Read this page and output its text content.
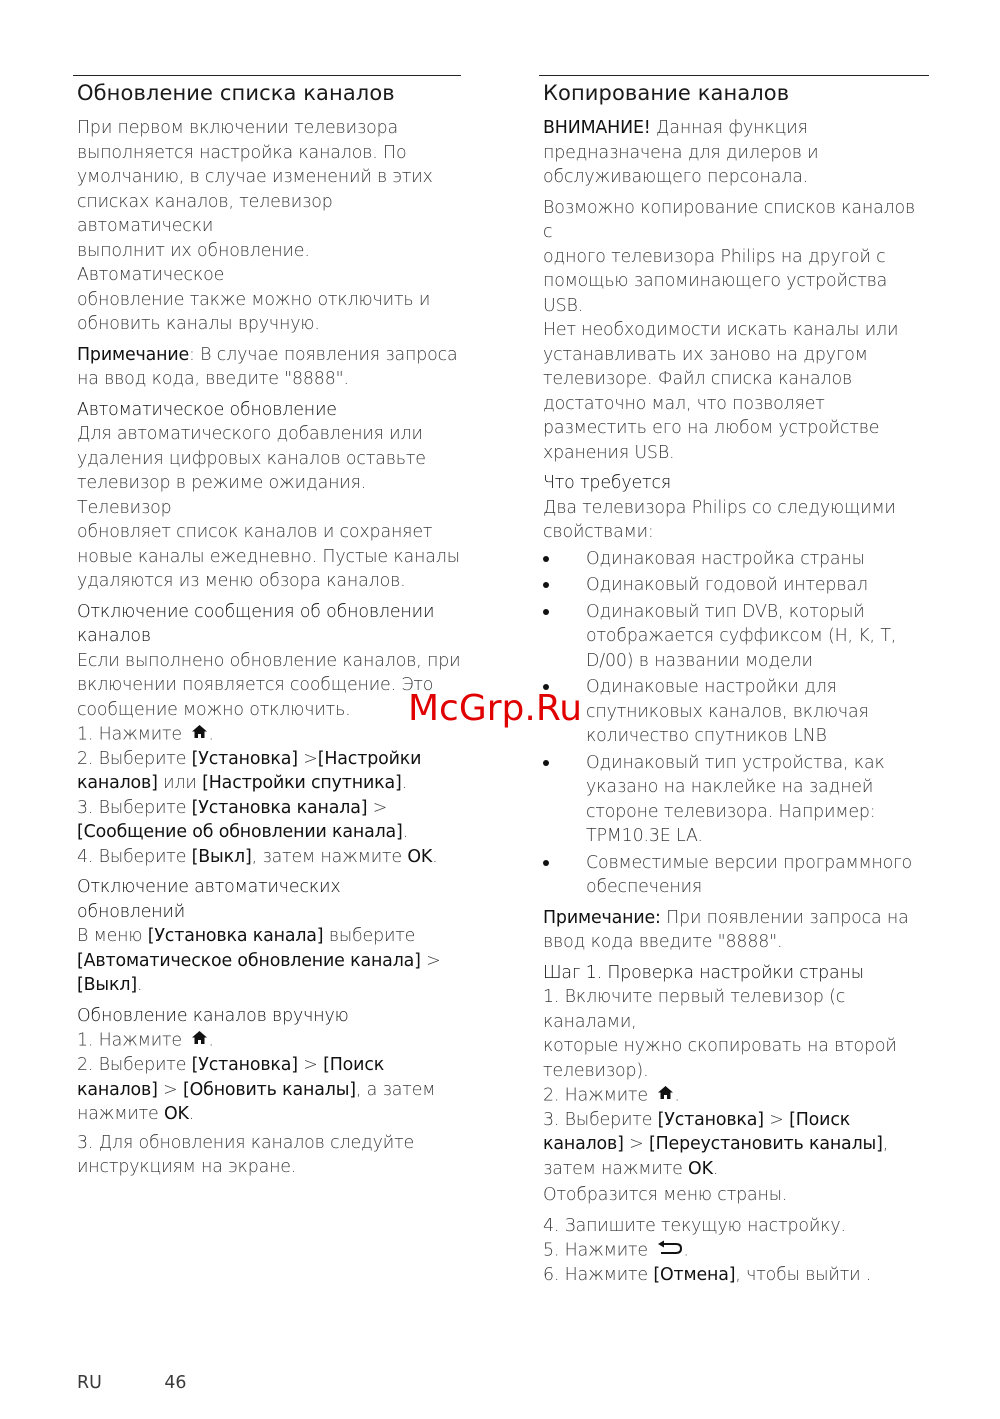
Обновление списка каналов

При первом включении телевизора
выполняется настройка каналов. По
умолчанию, в случае изменений в этих
списках каналов, телевизор автоматически
выполнит их обновление. Автоматическое
обновление также можно отключить и
обновить каналы вручную.

Примечание: В случае появления запроса
на ввод кода, введите "8888".

Автоматическое обновление

Для автоматического добавления или
удаления цифровых каналов оставьте
телевизор в режиме ожидания. Телевизор
обновляет список каналов и сохраняет
новые каналы ежедневно. Пустые каналы
удаляются из меню обзора каналов.

Отключение сообщения об обновлении
каналов

Если выполнено обновление каналов, при
включении появляется сообщение. Это
сообщение можно отключить.
1. Нажмите .
2. Выберите [Установка] >[Настройки
каналов] или [Настройки спутника].
3. Выберите [Установка канала] >
[Сообщение об обновлении канала].
4. Выберите [Выкл], затем нажмите OK.

Отключение автоматических
обновлений

В меню [Установка канала] выберите
[Автоматическое обновление канала] >
[Выкл].

Обновление каналов вручную

1. Нажмите .
2. Выберите [Установка] > [Поиск
каналов] > [Обновить каналы], а затем
нажмите OK.

3. Для обновления каналов следуйте
инструкциям на экране.

Копирование каналов

ВНИМАНИЕ! Данная функция
предназначена для дилеров и
обслуживающего персонала.

Возможно копирование списков каналов с
одного телевизора Philips на другой с
помощью запоминающего устройства USB.
Нет необходимости искать каналы или
устанавливать их заново на другом
телевизоре. Файл списка каналов
достаточно мал, что позволяет
разместить его на любом устройстве
хранения USB.

Что требуется

Два телевизора Philips со следующими
свойствами:

Одинаковая настройка страны
Одинаковый годовой интервал
Одинаковый тип DVB, который
отображается суффиксом (H, K, T,
D/00) в названии модели
Одинаковые настройки для
спутниковых каналов, включая
количество спутников LNB
Одинаковый тип устройства, как
указано на наклейке на задней
стороне телевизора. Например:
TPM10.3E LA.
Совместимые версии программного
обеспечения

Примечание: При появлении запроса на
ввод кода введите "8888".

Шаг 1. Проверка настройки страны

1. Включите первый телевизор (с каналами,
которые нужно скопировать на второй
телевизор).
2. Нажмите .
3. Выберите [Установка] > [Поиск
каналов] > [Переустановить каналы],
затем нажмите OK.

Отобразится меню страны.

4. Запишите текущую настройку.
5. Нажмите .
6. Нажмите [Отмена], чтобы выйти .

McGrp.Ru
RU	46
